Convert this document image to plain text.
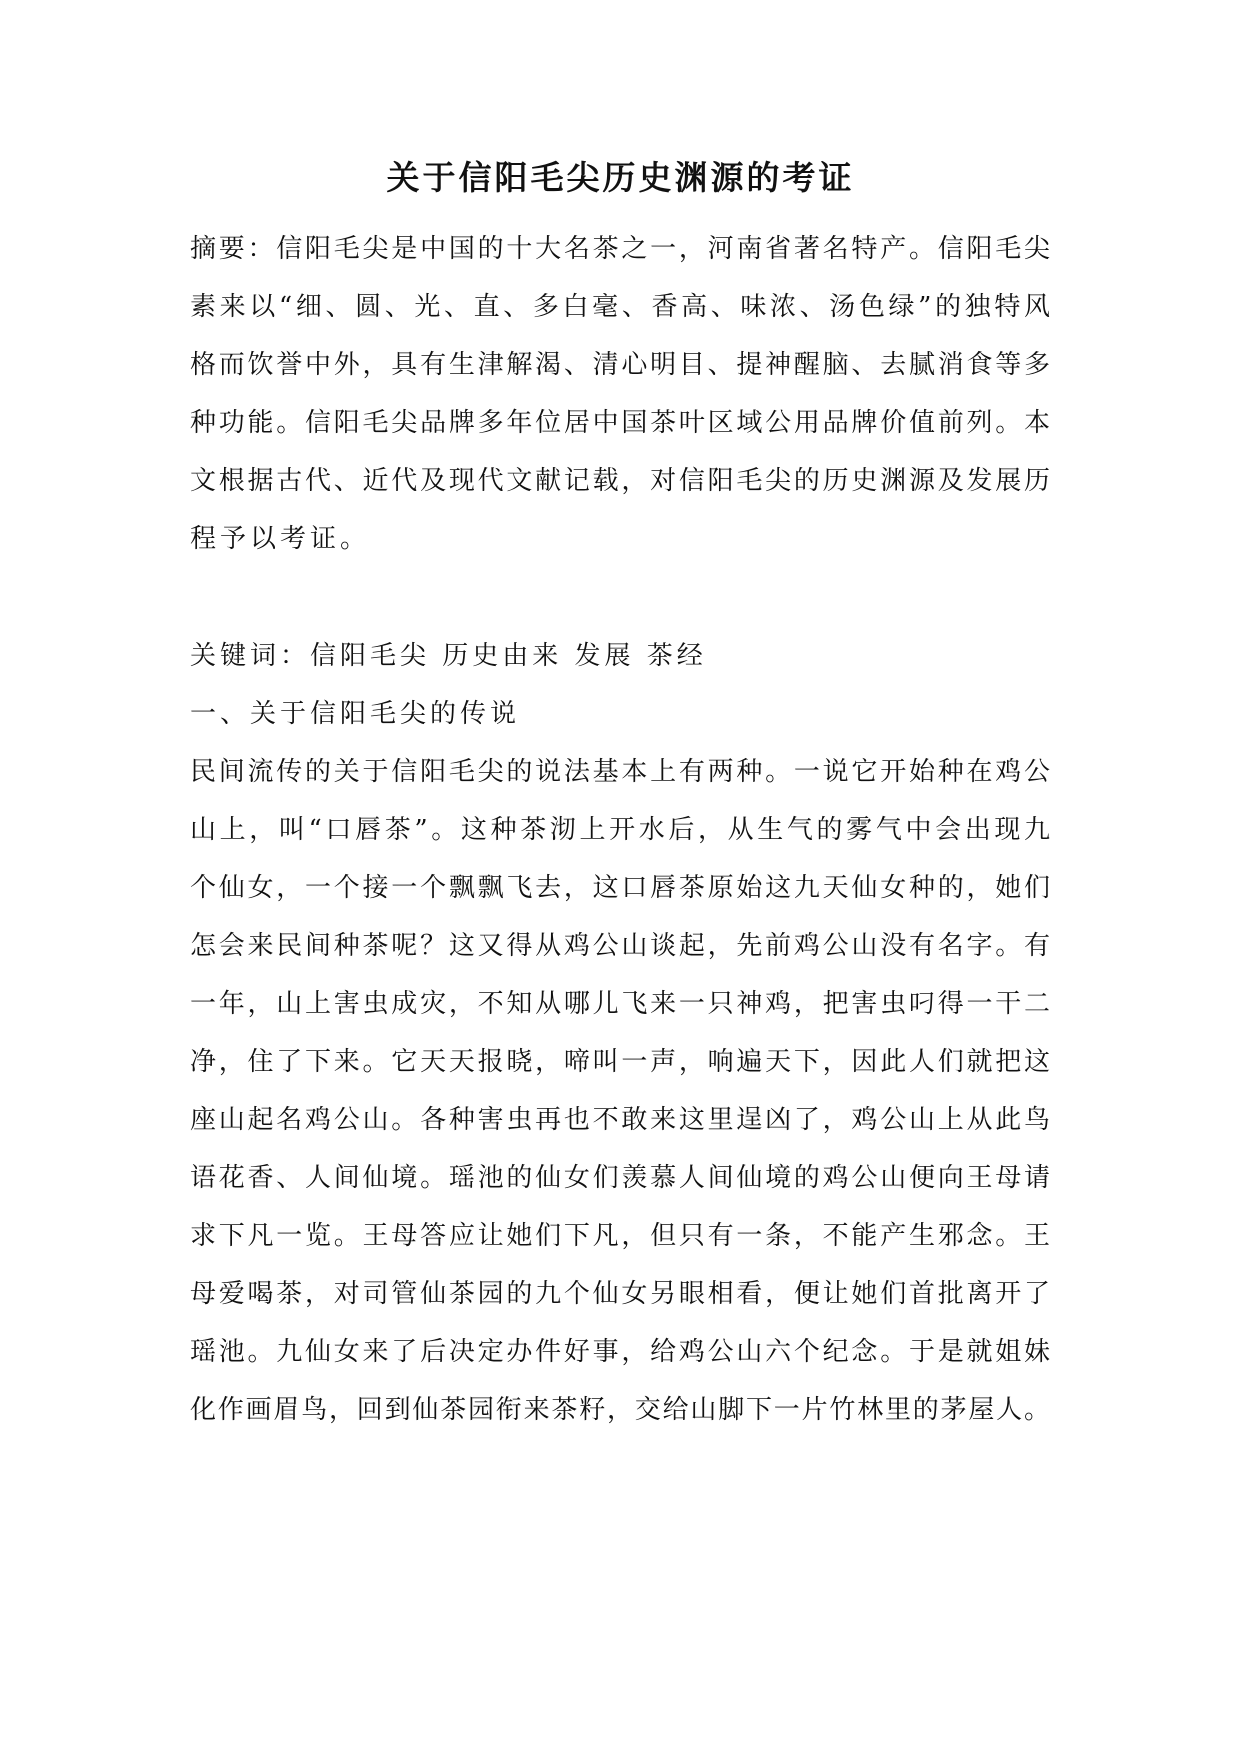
关于信阳毛尖历史渊源的考证
摘要：信阳毛尖是中国的十大名茶之一，河南省著名特产。信阳毛尖
素来以“细、圆、光、直、多白毫、香高、味浓、汤色绿”的独特风
格而饮誉中外，具有生津解渴、清心明目、提神醒脑、去腻消食等多
种功能。信阳毛尖品牌多年位居中国茶叶区域公用品牌价值前列。本
文根据古代、近代及现代文献记载，对信阳毛尖的历史渊源及发展历
程予以考证。
关键词：信阳毛尖 历史由来 发展 茶经
一、关于信阳毛尖的传说
民间流传的关于信阳毛尖的说法基本上有两种。一说它开始种在鸡公
山上，叫“口唇茶”。这种茶沏上开水后，从生气的雾气中会出现九
个仙女，一个接一个飘飘飞去，这口唇茶原始这九天仙女种的，她们
怎会来民间种茶呢？这又得从鸡公山谈起，先前鸡公山没有名字。有
一年，山上害虫成灾，不知从哪儿飞来一只神鸡，把害虫叼得一干二
净，住了下来。它天天报晓，啼叫一声，响遍天下，因此人们就把这
座山起名鸡公山。各种害虫再也不敢来这里逞凶了，鸡公山上从此鸟
语花香、人间仙境。瑶池的仙女们羡慕人间仙境的鸡公山便向王母请
求下凡一览。王母答应让她们下凡，但只有一条，不能产生邪念。王
母爱喝茶，对司管仙茶园的九个仙女另眼相看，便让她们首批离开了
瑶池。九仙女来了后决定办件好事，给鸡公山六个纪念。于是就姐妹
化作画眉鸟，回到仙茶园衔来茶籽，交给山脚下一片竹林里的茅屋人。
